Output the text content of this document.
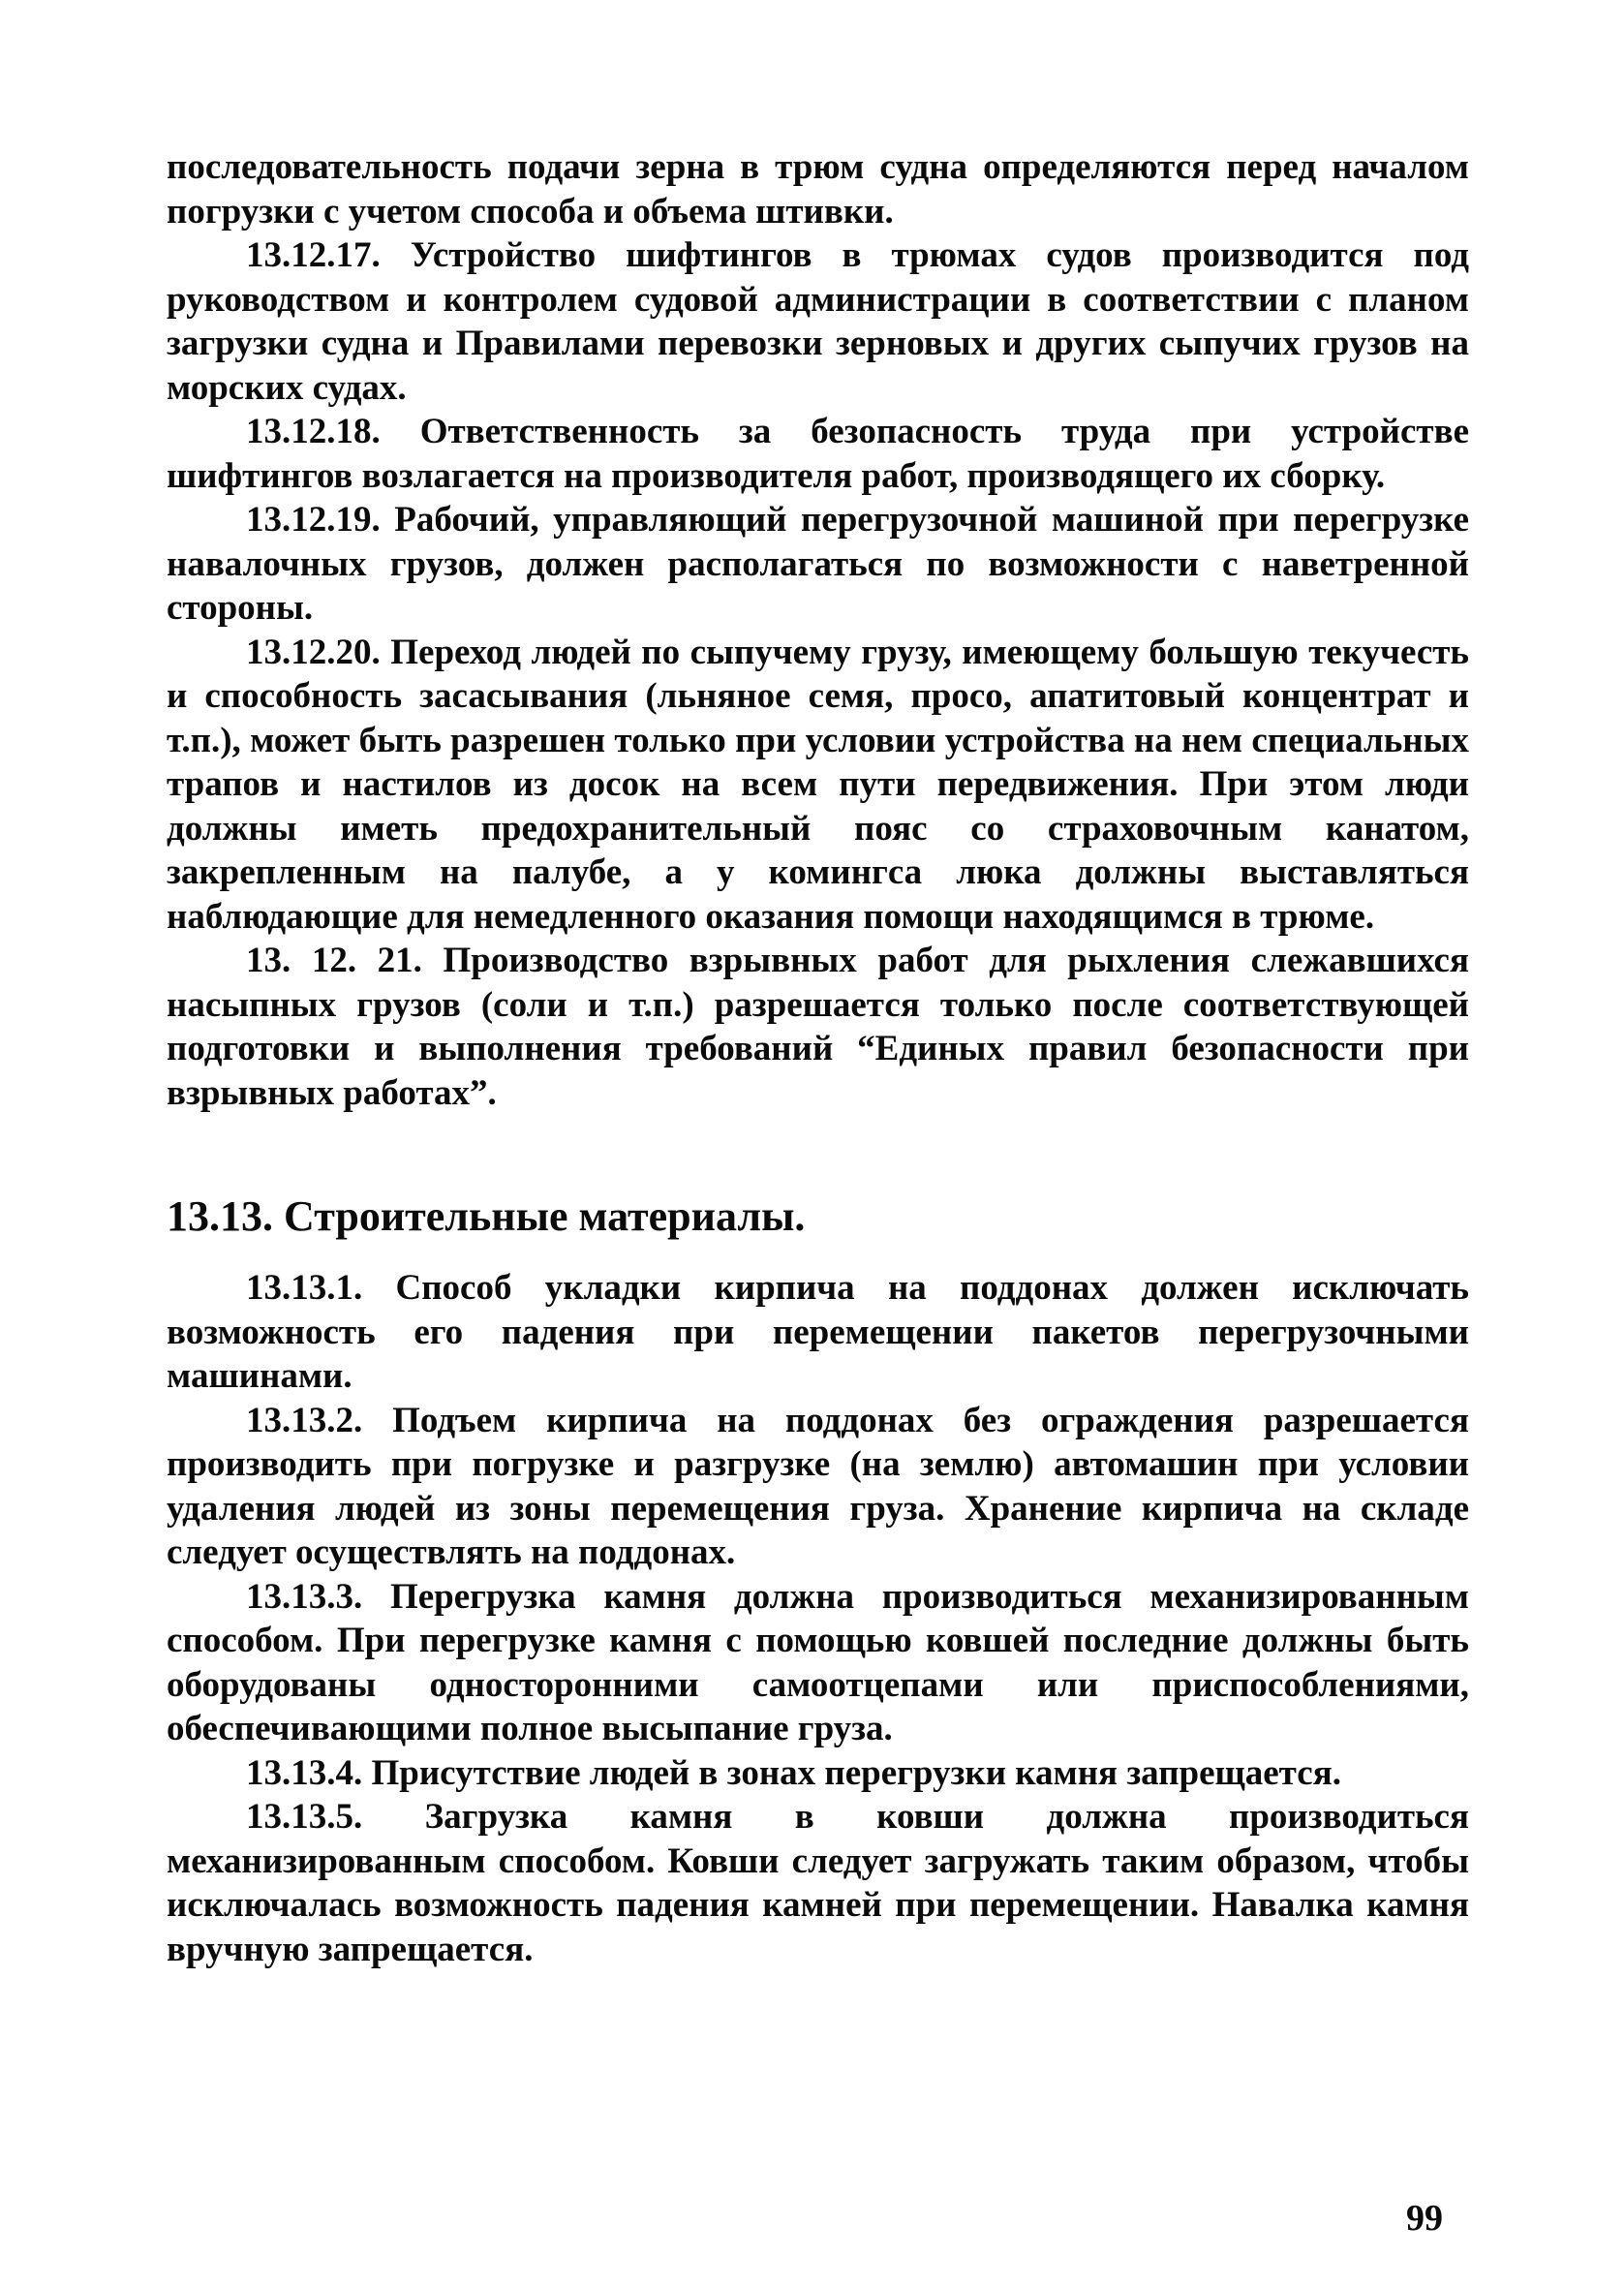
последовательность подачи зерна в трюм судна определяются перед началом погрузки с учетом способа и объема штивки.

13.12.17. Устройство шифтингов в трюмах судов производится под руководством и контролем судовой администрации в соответствии с планом загрузки судна и Правилами перевозки зерновых и других сыпучих грузов на морских судах.

13.12.18. Ответственность за безопасность труда при устройстве шифтингов возлагается на производителя работ, производящего их сборку.

13.12.19. Рабочий, управляющий перегрузочной машиной при перегрузке навалочных грузов, должен располагаться по возможности с наветренной стороны.

13.12.20. Переход людей по сыпучему грузу, имеющему большую текучесть и способность засасывания (льняное семя, просо, апатитовый концентрат и т.п.), может быть разрешен только при условии устройства на нем специальных трапов и настилов из досок на всем пути передвижения. При этом люди должны иметь предохранительный пояс со страховочным канатом, закрепленным на палубе, а у комингса люка должны выставляться наблюдающие для немедленного оказания помощи находящимся в трюме.

13. 12. 21. Производство взрывных работ для рыхления слежавшихся насыпных грузов (соли и т.п.) разрешается только после соответствующей подготовки и выполнения требований “Единых правил безопасности при взрывных работах”.

13.13. Строительные материалы.

13.13.1. Способ укладки кирпича на поддонах должен исключать возможность его падения при перемещении пакетов перегрузочными машинами.

13.13.2. Подъем кирпича на поддонах без ограждения разрешается производить при погрузке и разгрузке (на землю) автомашин при условии удаления людей из зоны перемещения груза. Хранение кирпича на складе следует осуществлять на поддонах.

13.13.3. Перегрузка камня должна производиться механизированным способом. При перегрузке камня с помощью ковшей последние должны быть оборудованы односторонними самоотцепами или приспособлениями, обеспечивающими полное высыпание груза.

13.13.4. Присутствие людей в зонах перегрузки камня запрещается.

13.13.5. Загрузка камня в ковши должна производиться механизированным способом. Ковши следует загружать таким образом, чтобы исключалась возможность падения камней при перемещении. Навалка камня вручную запрещается.

99
